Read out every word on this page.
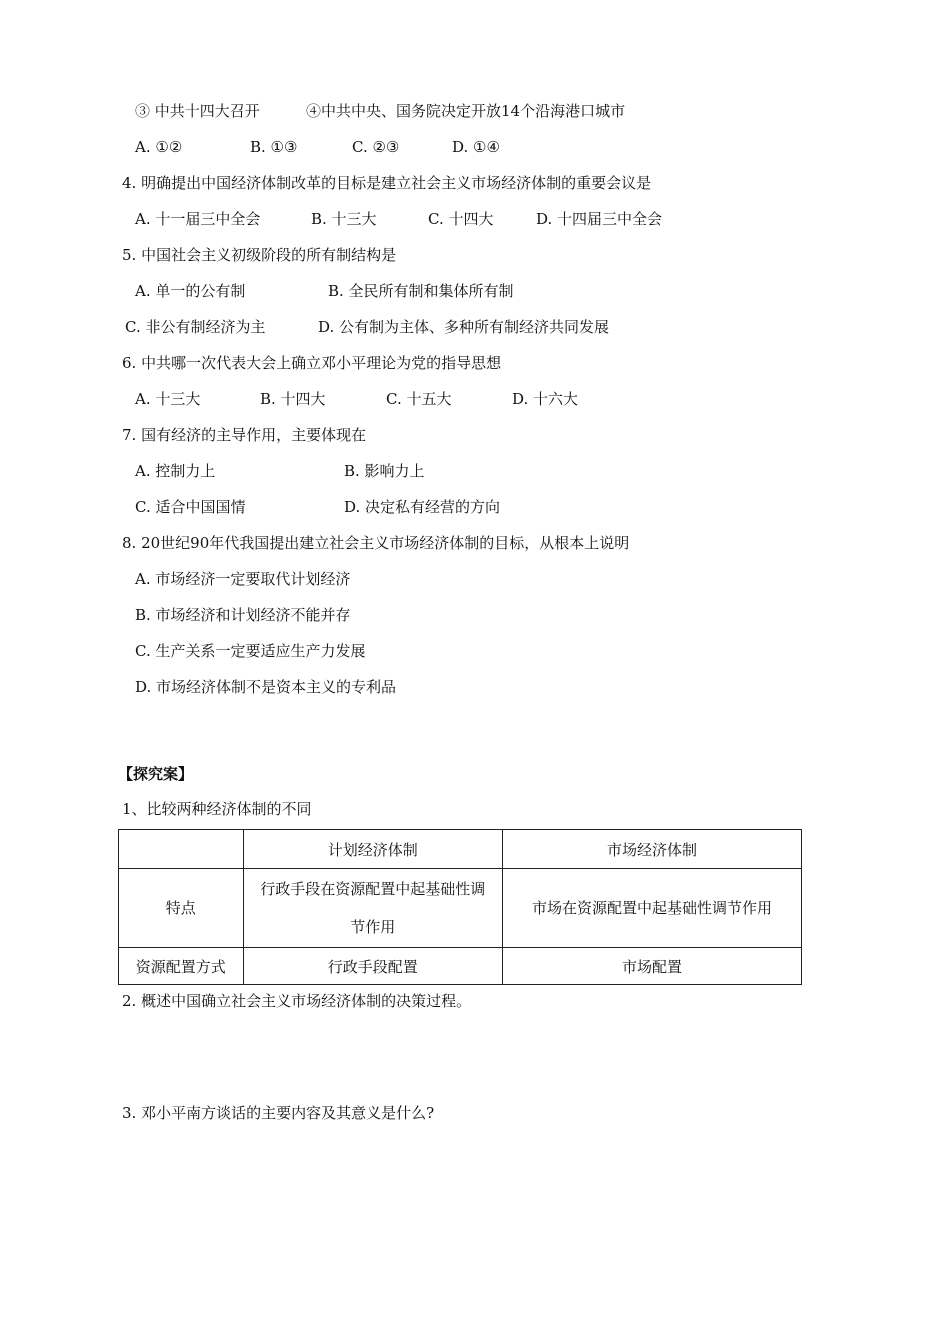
③ 中共十四大召开	④中共中央、国务院决定开放14个沿海港口城市
A. ①②	B. ①③	C. ②③	D. ①④
4. 明确提出中国经济体制改革的目标是建立社会主义市场经济体制的重要会议是
A. 十一届三中全会	B. 十三大	C. 十四大	D. 十四届三中全会
5. 中国社会主义初级阶段的所有制结构是
A. 单一的公有制	B. 全民所有制和集体所有制
C. 非公有制经济为主	D. 公有制为主体、多种所有制经济共同发展
6. 中共哪一次代表大会上确立邓小平理论为党的指导思想
A. 十三大	B. 十四大	C. 十五大	D. 十六大
7. 国有经济的主导作用，主要体现在
A. 控制力上	B. 影响力上
C. 适合中国国情	D. 决定私有经营的方向
8. 20世纪90年代我国提出建立社会主义市场经济体制的目标，从根本上说明
A. 市场经济一定要取代计划经济
B. 市场经济和计划经济不能并存
C. 生产关系一定要适应生产力发展
D. 市场经济体制不是资本主义的专利品
【探究案】
1、比较两种经济体制的不同
	计划经济体制	市场经济体制
特点	行政手段在资源配置中起基础性调节作用	市场在资源配置中起基础性调节作用
资源配置方式	行政手段配置	市场配置
2. 概述中国确立社会主义市场经济体制的决策过程。
3. 邓小平南方谈话的主要内容及其意义是什么?
